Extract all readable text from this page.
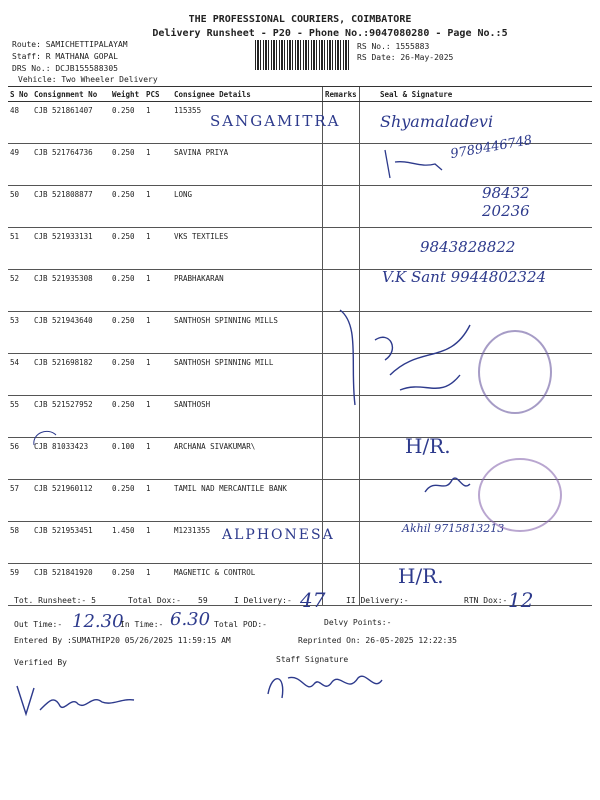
THE PROFESSIONAL COURIERS, COIMBATORE
Delivery Runsheet - P20 - Phone No.:9047080280 - Page No.:5
Route: SAMICHETTIPALAYAM
Staff: R MATHANA GOPAL
DRS No.: DCJB155588305
Vehicle: Two Wheeler Delivery
RS No.: 1555883
RS Date: 26-May-2025
S No	Consignment No	Weight	PCS	Consignee Details	Remarks	Seal & Signature
48	CJB 521861407	0.250	1	115355		
49	CJB 521764736	0.250	1	SAVINA PRIYA		
50	CJB 521808877	0.250	1	LONG		
51	CJB 521933131	0.250	1	VKS TEXTILES		
52	CJB 521935308	0.250	1	PRABHAKARAN		
53	CJB 521943640	0.250	1	SANTHOSH SPINNING MILLS		
54	CJB 521698182	0.250	1	SANTHOSH SPINNING MILL		
55	CJB 521527952	0.250	1	SANTHOSH		
56	CJB 81033423	0.100	1	ARCHANA SIVAKUMAR\		
57	CJB 521960112	0.250	1	TAMIL NAD MERCANTILE BANK		
58	CJB 521953451	1.450	1	M1231355		
59	CJB 521841920	0.250	1	MAGNETIC & CONTROL		
SANGAMITRA Shyamaladevi
9789446748
98432 20236
9843828822
V.K Sant 9944802324
H/R.
ALPHONESA	Akhil 9715813213
H/R.
Tot. Runsheet:- 5	Total Dox:- 59	I Delivery:- 47	II Delivery:-	RTN Dox:- 12
Out Time:- 12.30
In Time:- 6.30 Total POD:-	Delvy Points:-
Entered By :SUMATHIP20 05/26/2025 11:59:15 AM	Reprinted On: 26-05-2025 12:22:35
Verified By	Staff Signature
